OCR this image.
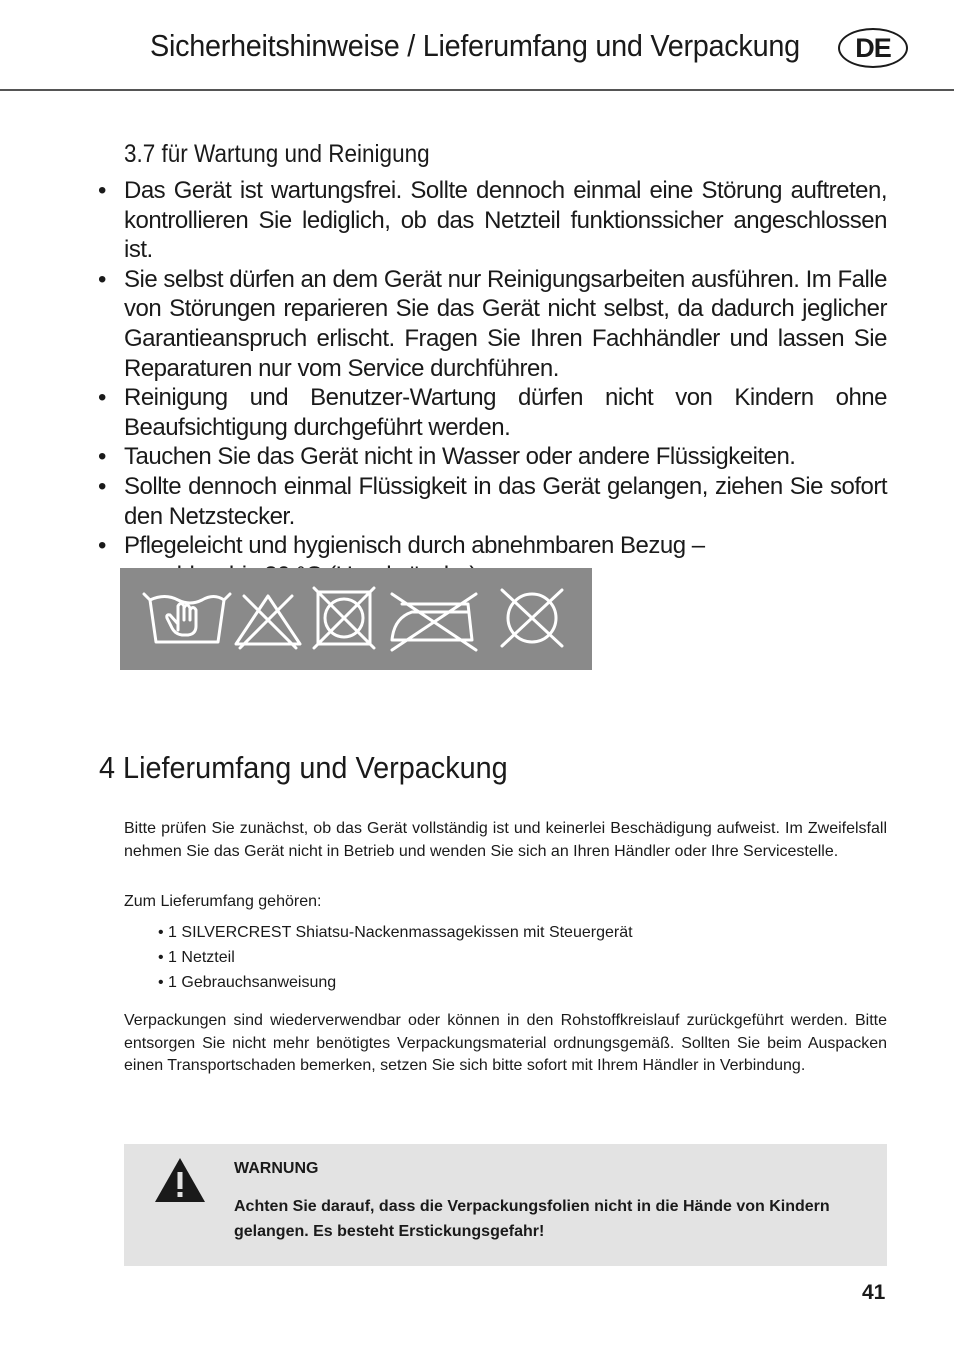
Sicherheitshinweise / Lieferumfang und Verpackung	DE
3.7 für Wartung und Reinigung
• Das Gerät ist wartungsfrei. Sollte dennoch einmal eine Störung auftreten, kontrollieren Sie lediglich, ob das Netzteil funktionssicher angeschlossen ist.
• Sie selbst dürfen an dem Gerät nur Reinigungsarbeiten ausführen. Im Falle von Störungen reparieren Sie das Gerät nicht selbst, da dadurch jeglicher Garantieanspruch erlischt. Fragen Sie Ihren Fachhändler und lassen Sie Reparaturen nur vom Service durchführen.
• Reinigung und Benutzer-Wartung dürfen nicht von Kindern ohne Beaufsichtigung durchgeführt werden.
• Tauchen Sie das Gerät nicht in Wasser oder andere Flüssigkeiten.
• Sollte dennoch einmal Flüssigkeit in das Gerät gelangen, ziehen Sie sofort den Netzstecker.
• Pflegeleicht und hygienisch durch abnehmbaren Bezug –
4 Lieferumfang und Verpackung

Bitte prüfen Sie zunächst, ob das Gerät vollständig ist und keinerlei Beschädigung aufweist. Im Zweifelsfall nehmen Sie das Gerät nicht in Betrieb und wenden Sie sich an Ihren Händler oder Ihre Servicestelle.

Zum Lieferumfang gehören:

• 1 SILVERCREST Shiatsu-Nackenmassagekissen mit Steuergerät
• 1 Netzteil
• 1 Gebrauchsanweisung

Verpackungen sind wiederverwendbar oder können in den Rohstoffkreislauf zurückgeführt werden. Bitte entsorgen Sie nicht mehr benötigtes Verpackungsmaterial ordnungsgemäß. Sollten Sie beim Auspacken einen Transportschaden bemerken, setzen Sie sich bitte sofort mit Ihrem Händler in Verbindung.

WARNUNG

Achten Sie darauf, dass die Verpackungsfolien nicht in die Hände von Kindern gelangen. Es besteht Erstickungsgefahr!

41
